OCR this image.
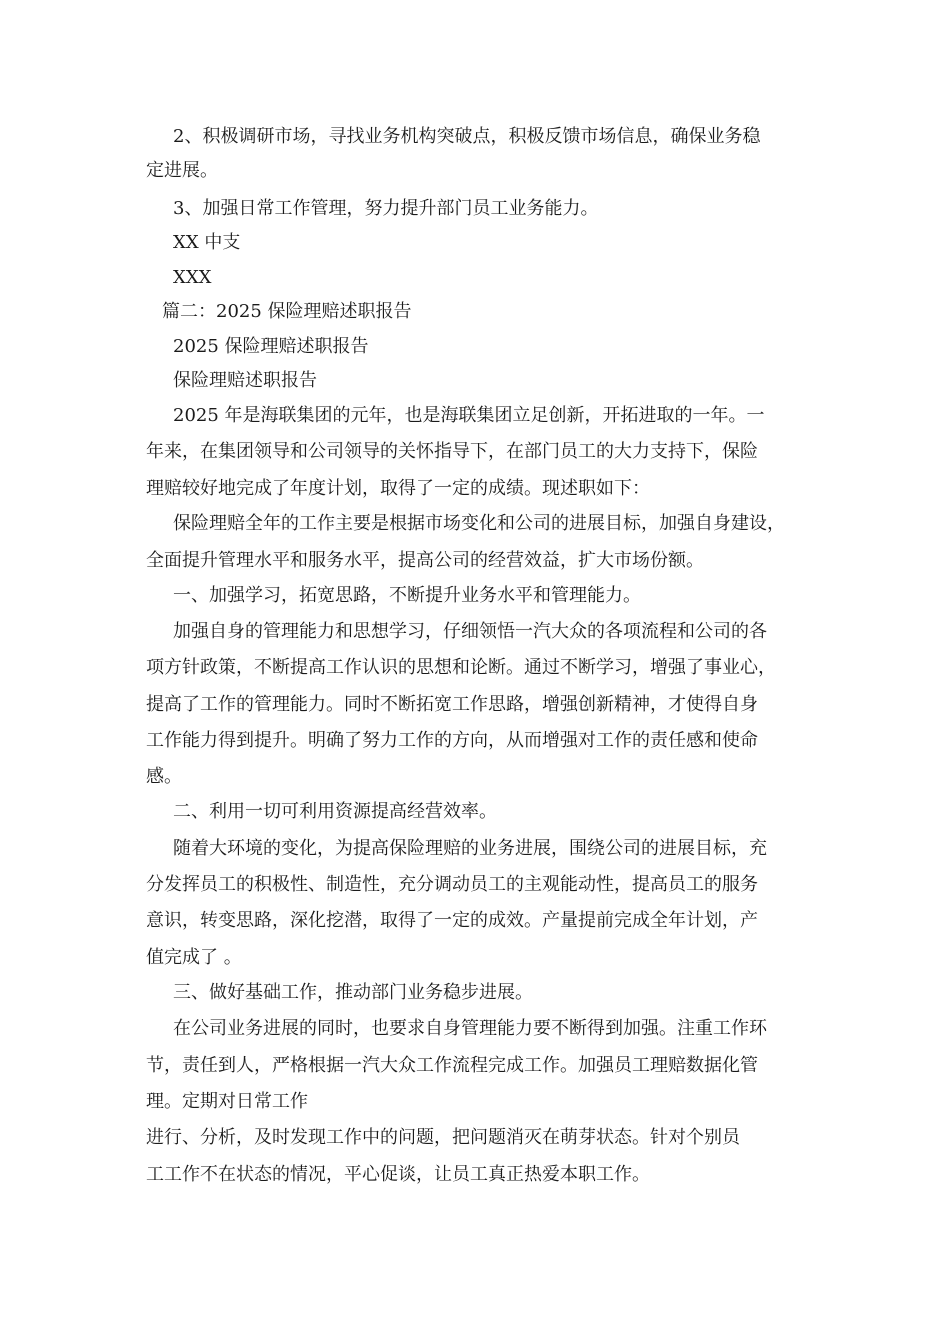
2、积极调研市场，寻找业务机构突破点，积极反馈市场信息，确保业务稳
定进展。
3、加强日常工作管理，努力提升部门员工业务能力。
XX 中支
XXX
篇二：2025 保险理赔述职报告
2025 保险理赔述职报告
保险理赔述职报告
2025 年是海联集团的元年，也是海联集团立足创新，开拓进取的一年。一
年来，在集团领导和公司领导的关怀指导下，在部门员工的大力支持下，保险
理赔较好地完成了年度计划，取得了一定的成绩。现述职如下：
保险理赔全年的工作主要是根据市场变化和公司的进展目标，加强自身建设，
全面提升管理水平和服务水平，提高公司的经营效益，扩大市场份额。
一、加强学习，拓宽思路，不断提升业务水平和管理能力。
加强自身的管理能力和思想学习，仔细领悟一汽大众的各项流程和公司的各
项方针政策，不断提高工作认识的思想和论断。通过不断学习，增强了事业心，
提高了工作的管理能力。同时不断拓宽工作思路，增强创新精神，才使得自身
工作能力得到提升。明确了努力工作的方向，从而增强对工作的责任感和使命
感。
二、利用一切可利用资源提高经营效率。
随着大环境的变化，为提高保险理赔的业务进展，围绕公司的进展目标，充
分发挥员工的积极性、制造性，充分调动员工的主观能动性，提高员工的服务
意识，转变思路，深化挖潜，取得了一定的成效。产量提前完成全年计划，产
值完成了 。
三、做好基础工作，推动部门业务稳步进展。
在公司业务进展的同时，也要求自身管理能力要不断得到加强。注重工作环
节，责任到人，严格根据一汽大众工作流程完成工作。加强员工理赔数据化管
理。定期对日常工作
进行、分析，及时发现工作中的问题，把问题消灭在萌芽状态。针对个别员
工工作不在状态的情况，平心促谈，让员工真正热爱本职工作。
